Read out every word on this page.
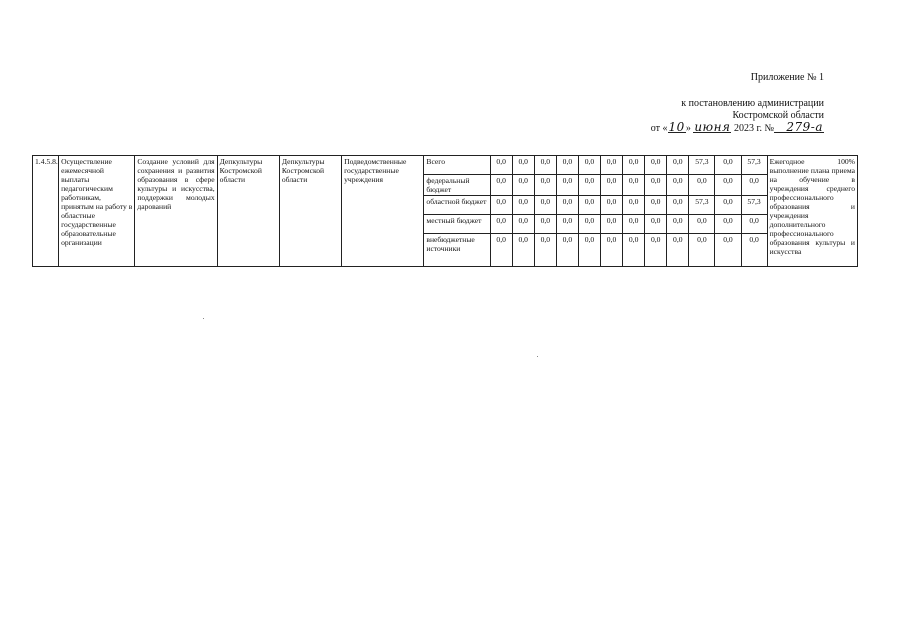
Приложение № 1
к постановлению администрации
Костромской области
от «10» июня 2023 г. № 279-а
1.4.5.8.	Осуществление ежемесячной выплаты педагогическим работникам, принятым на работу в областные государственные образовательные организации	Создание условий для сохранения и развития образования в сфере культуры и искусства, поддержки молодых дарований	Депкультуры Костромской области	Депкультуры Костромской области	Подведомственные государственные учреждения	Всего	0,0	0,0	0,0	0,0	0,0	0,0	0,0	0,0	0,0	57,3	0,0	57,3	Ежегодное 100% выполнение плана приема на обучение в учреждения среднего профессионального образования и учреждения дополнительного профессионального образования культуры и искусства
						федеральный бюджет	0,0	0,0	0,0	0,0	0,0	0,0	0,0	0,0	0,0	0,0	0,0	0,0	
						областной бюджет	0,0	0,0	0,0	0,0	0,0	0,0	0,0	0,0	0,0	57,3	0,0	57,3	
						местный бюджет	0,0	0,0	0,0	0,0	0,0	0,0	0,0	0,0	0,0	0,0	0,0	0,0	
						внебюджетные источники	0,0	0,0	0,0	0,0	0,0	0,0	0,0	0,0	0,0	0,0	0,0	0,0	
